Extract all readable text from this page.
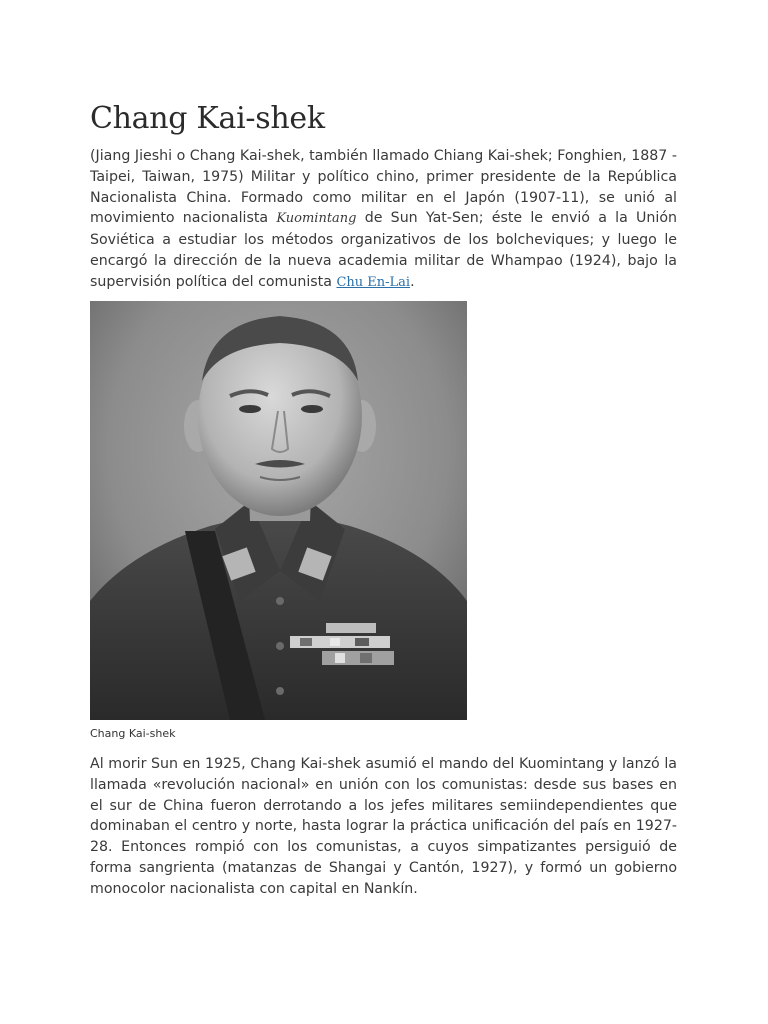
Chang Kai-shek

(Jiang Jieshi o Chang Kai-shek, también llamado Chiang Kai-shek; Fonghien, 1887 - Taipei, Taiwan, 1975) Militar y político chino, primer presidente de la República Nacionalista China. Formado como militar en el Japón (1907-11), se unió al movimiento nacionalista Kuomintang de Sun Yat-Sen; éste le envió a la Unión Soviética a estudiar los métodos organizativos de los bolcheviques; y luego le encargó la dirección de la nueva academia militar de Whampao (1924), bajo la supervisión política del comunista Chu En-Lai.

Chang Kai-shek

Al morir Sun en 1925, Chang Kai-shek asumió el mando del Kuomintang y lanzó la llamada «revolución nacional» en unión con los comunistas: desde sus bases en el sur de China fueron derrotando a los jefes militares semiindependientes que dominaban el centro y norte, hasta lograr la práctica unificación del país en 1927-28. Entonces rompió con los comunistas, a cuyos simpatizantes persiguió de forma sangrienta (matanzas de Shangai y Cantón, 1927), y formó un gobierno monocolor nacionalista con capital en Nankín.
